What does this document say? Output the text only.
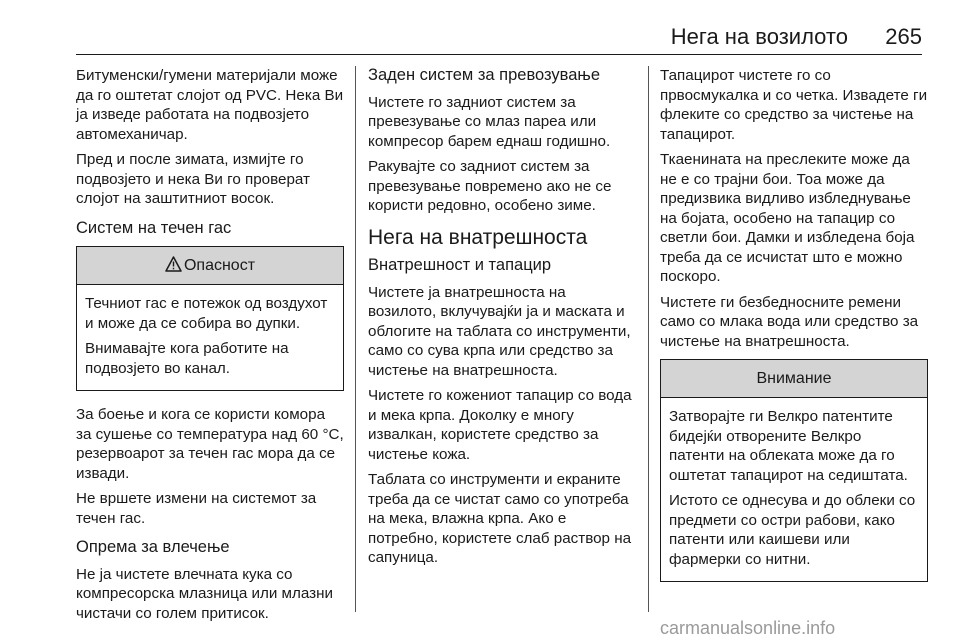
Нега на возилото 265

Битуменски/гумени материјали може да го оштетат слојот од PVC. Нека Ви ја изведе работата на подвозјето автомеханичар.

Пред и после зимата, измијте го подвозјето и нека Ви го проверат слојот на заштитниот восок.

Систем на течен гас
Опасност

Течниот гас е потежок од воздухот и може да се собира во дупки.

Внимавајте кога работите на подвозјето во канал.

За боење и кога се користи комора за сушење со температура над 60 °C, резервоарот за течен гас мора да се извади.

Не вршете измени на системот за течен гас.

Опрема за влечење

Не ја чистете влечната кука со компресорска млазница или млазни чистачи со голем притисок.

Заден систем за превозување

Чистете го задниот систем за превезување со млаз пареа или компресор барем еднаш годишно.

Ракувајте со задниот систем за превезување повремено ако не се користи редовно, особено зиме.

Нега на внатрешноста
Внатрешност и тапацир

Чистете ја внатрешноста на возилото, вклучувајќи ја и маската и облогите на таблата со инструменти, само со сува крпа или средство за чистење на внатрешноста.

Чистете го кожениот тапацир со вода и мека крпа. Доколку е многу извалкан, користете средство за чистење кожа.

Таблата со инструменти и екраните треба да се чистат само со употреба на мека, влажна крпа. Ако е потребно, користете слаб раствор на сапуница.

Тапацирот чистете го со првосмукалка и со четка. Извадете ги флеките со средство за чистење на тапацирот.

Ткаенината на преслеките може да не е со трајни бои. Тоа може да предизвика видливо избледнување на бојата, особено на тапацир со светли бои. Дамки и избледена боја треба да се исчистат што е можно поскоро.

Чистете ги безбедносните ремени само со млака вода или средство за чистење на внатрешноста.

Внимание

Затворајте ги Велкро патентите бидејќи отворените Велкро патенти на облеката може да го оштетат тапацирот на седиштата.

Истото се однесува и до облеки со предмети со остри рабови, како патенти или каишеви или фармерки со нитни.

carmanualsonline.info
